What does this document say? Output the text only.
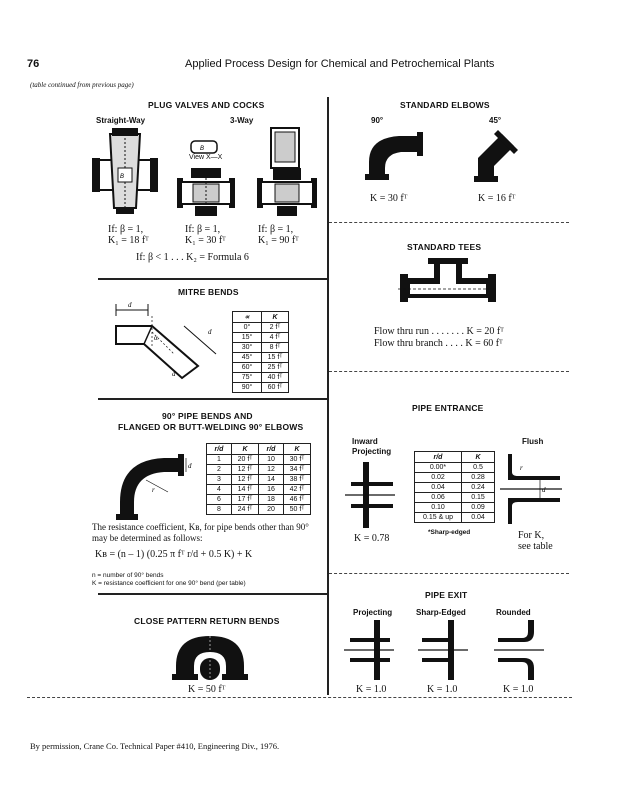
76	Applied Process Design for Chemical and Petrochemical Plants
(table continued from previous page)
PLUG VALVES AND COCKS
Straight-Way	3-Way
View X—X
B
B
If: β = 1,
K₁ = 18 fᵀ
If: β = 1,
K₁ = 30 fᵀ
If: β = 1,
K₁ = 90 fᵀ
If: β < 1 . . . K₂ = Formula 6
STANDARD ELBOWS
90°	45°
K = 30 fᵀ	K = 16 fᵀ
STANDARD TEES
Flow thru run . . . . . . . K = 20 fᵀ
Flow thru branch . . . . K = 60 fᵀ
MITRE BENDS
d
α
d
d
∝	K
0°	2 fᵀ
15°	4 fᵀ
30°	8 fᵀ
45°	15 fᵀ
60°	25 fᵀ
75°	40 fᵀ
90°	60 fᵀ
PIPE ENTRANCE
Inward
Projecting
Flush
r/d	K
0.00*	0.5
0.02	0.28
0.04	0.24
0.06	0.15
0.10	0.09
0.15 & up	0.04
*Sharp-edged
d
r
K = 0.78	For K,
see table
90° PIPE BENDS AND
FLANGED OR BUTT-WELDING 90° ELBOWS
r
d
r/d	K	r/d	K
1	20 fᵀ	10	30 fᵀ
2	12 fᵀ	12	34 fᵀ
3	12 fᵀ	14	38 fᵀ
4	14 fᵀ	16	42 fᵀ
6	17 fᵀ	18	46 fᵀ
8	24 fᵀ	20	50 fᵀ
The resistance coefficient, Kʙ, for pipe bends other than 90° may be determined as follows:
Kʙ = (n – 1) (0.25 π fᵀ r/d + 0.5 K) + K
n = number of 90° bends
K = resistance coefficient for one 90° bend (per table)
PIPE EXIT
Projecting	Sharp-Edged	Rounded
K = 1.0	K = 1.0	K = 1.0
CLOSE PATTERN RETURN BENDS
K = 50 fᵀ
By permission, Crane Co. Technical Paper #410, Engineering Div., 1976.
